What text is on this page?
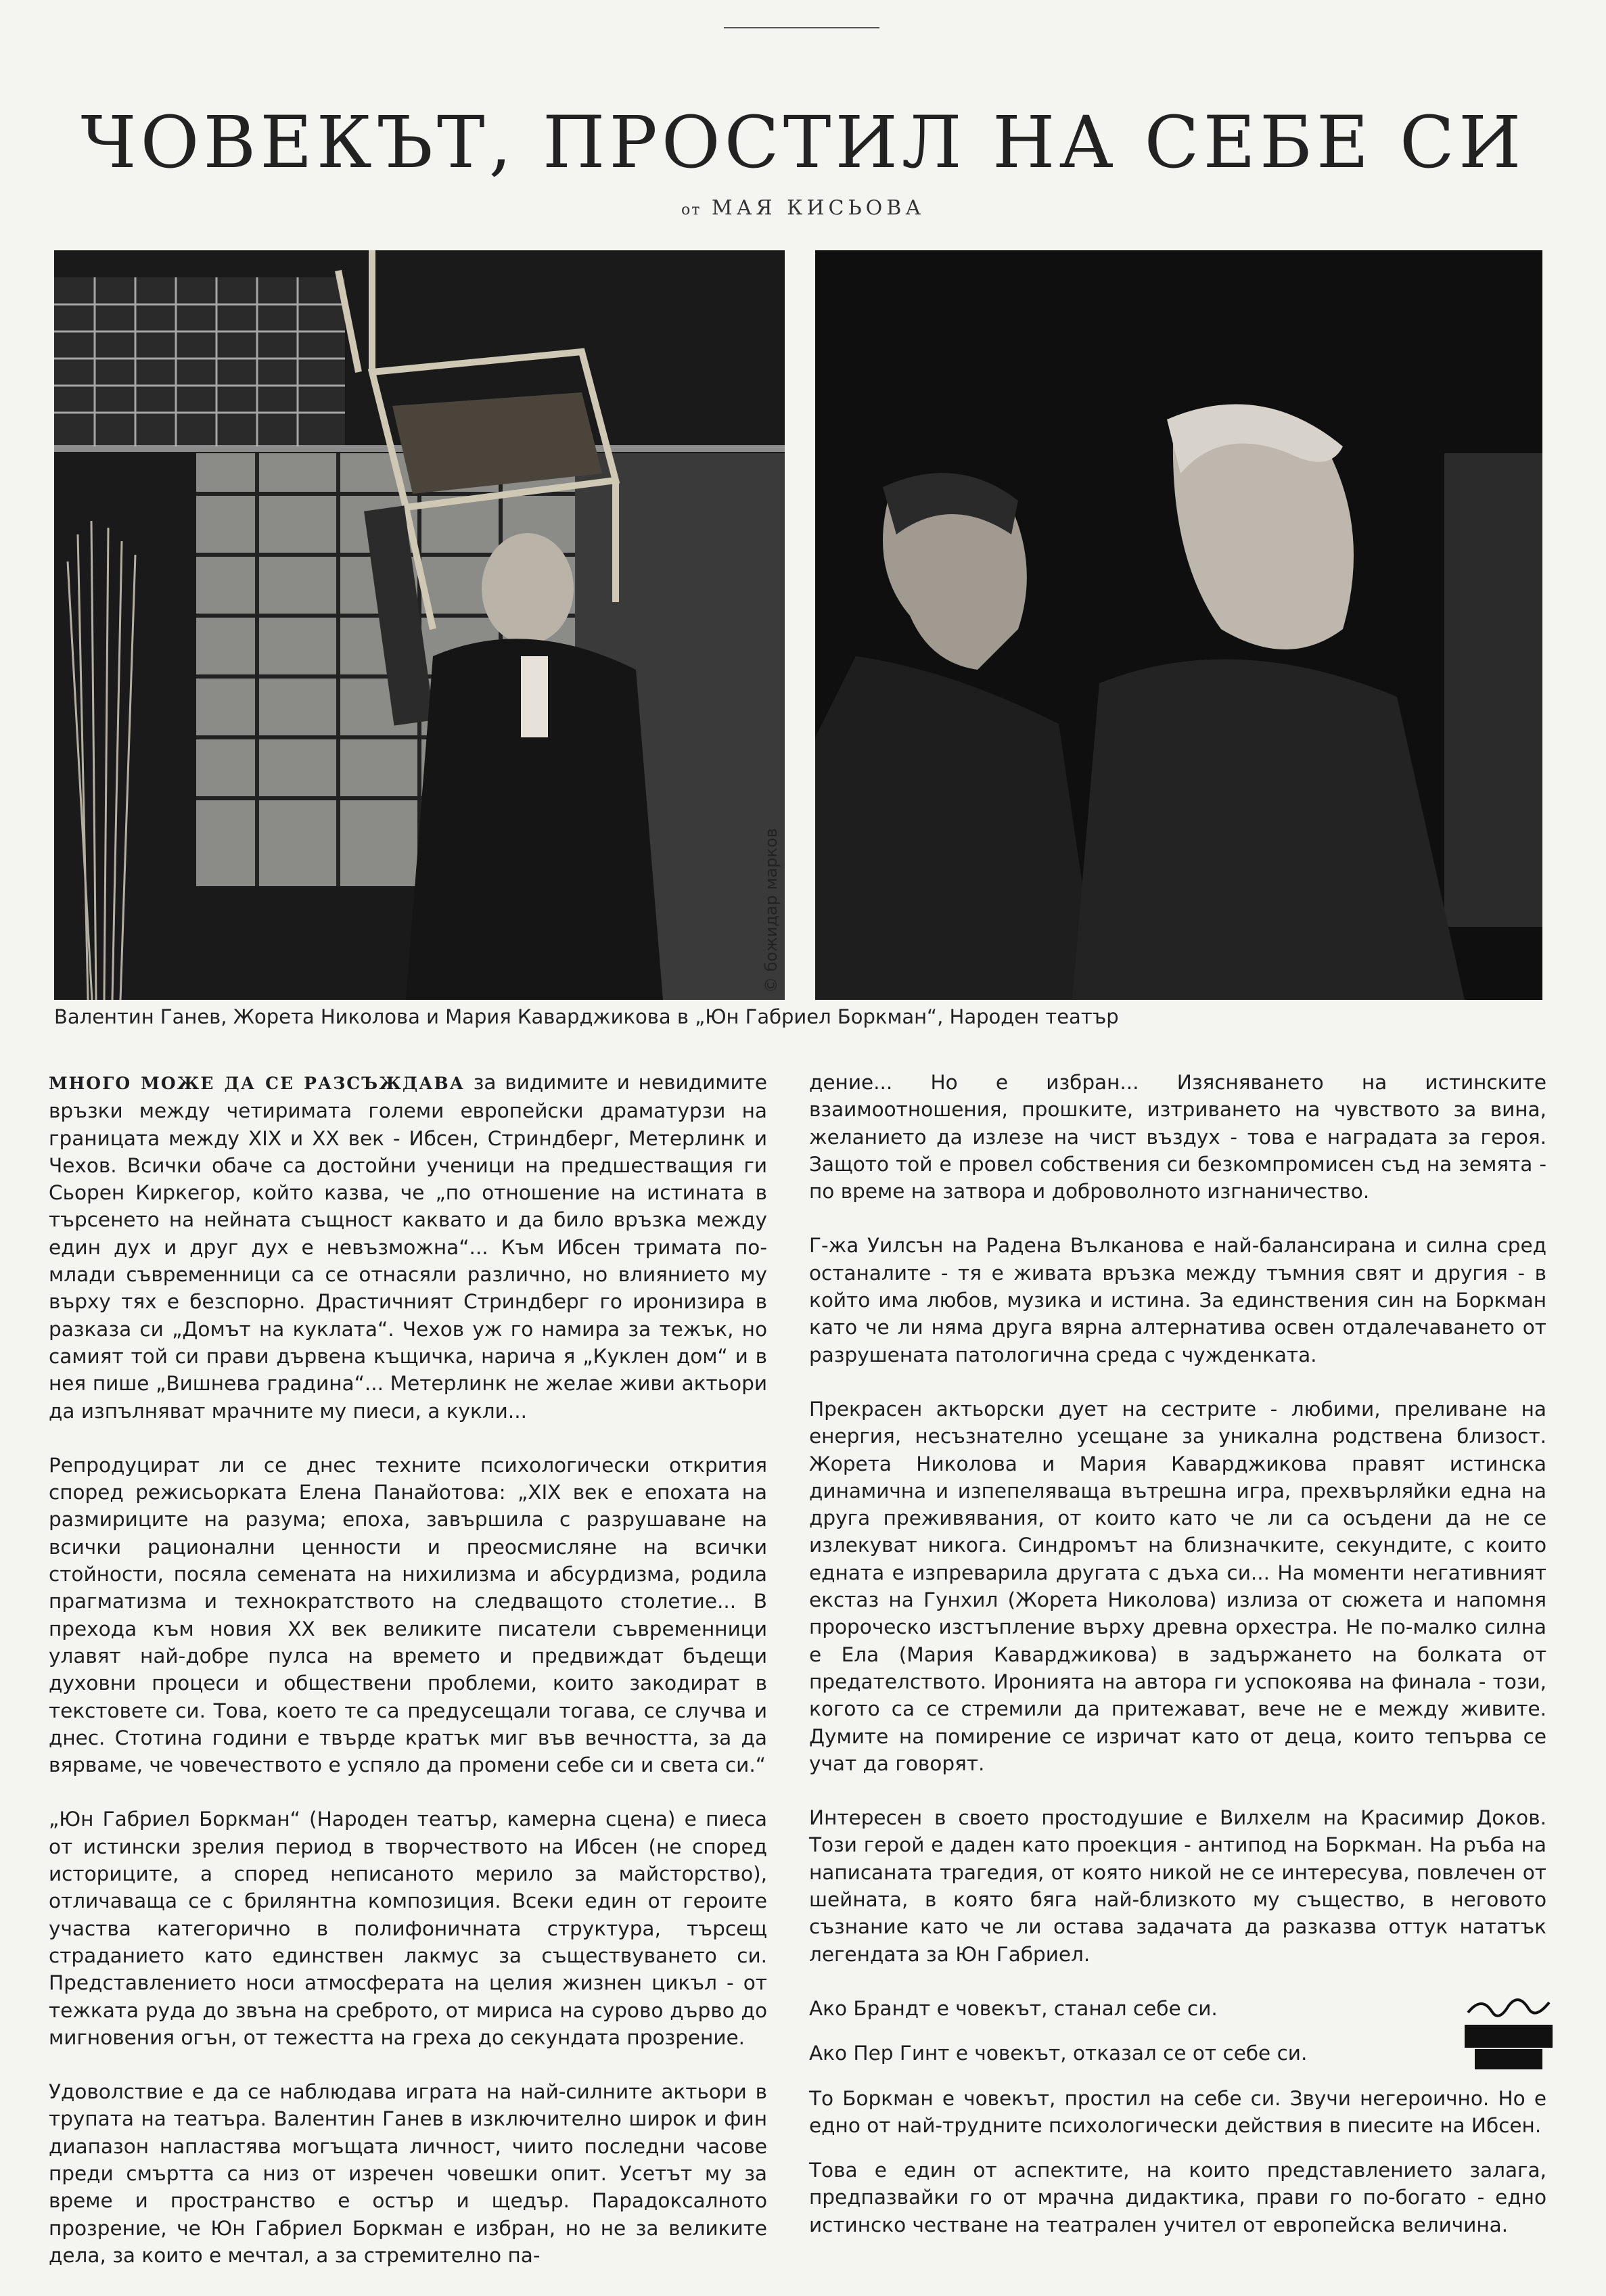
ЧОВЕКЪТ, ПРОСТИЛ НА СЕБЕ СИ
от МАЯ КИСЬОВА
© божидар марков
Валентин Ганев, Жорета Николова и Мария Каварджикова в „Юн Габриел Боркман“, Народен театър

МНОГО МОЖЕ ДА СЕ РАЗСЪЖДАВА за видимите и невидимите връзки между четиримата големи европейски драматурзи на границата между XIX и XX век - Ибсен, Стриндберг, Метерлинк и Чехов. Всички обаче са достойни ученици на предшестващия ги Сьорен Киркегор, който казва, че „по отношение на истината в търсенето на нейната същност каквато и да било връзка между един дух и друг дух е невъзможна“... Към Ибсен тримата по-млади съвременници са се отнасяли различно, но влиянието му върху тях е безспорно. Драстичният Стриндберг го иронизира в разказа си „Домът на куклата“. Чехов уж го намира за тежък, но самият той си прави дървена къщичка, нарича я „Куклен дом“ и в нея пише „Вишнева градина“... Метерлинк не желае живи актьори да изпълняват мрачните му пиеси, а кукли...

Репродуцират ли се днес техните психологически открития според режисьорката Елена Панайотова: „XIX век е епохата на размириците на разума; епоха, завършила с разрушаване на всички рационални ценности и преосмисляне на всички стойности, посяла семената на нихилизма и абсурдизма, родила прагматизма и технократството на следващото столетие... В прехода към новия XX век великите писатели съвременници улавят най-добре пулса на времето и предвиждат бъдещи духовни процеси и обществени проблеми, които закодират в текстовете си. Това, което те са предусещали тогава, се случва и днес. Стотина години е твърде кратък миг във вечността, за да вярваме, че човечеството е успяло да промени себе си и света си.“

„Юн Габриел Боркман“ (Народен театър, камерна сцена) е пиеса от истински зрелия период в творчеството на Ибсен (не според историците, а според неписаното мерило за майсторство), отличаваща се с брилянтна композиция. Всеки един от героите участва категорично в полифоничната структура, търсещ страданието като единствен лакмус за съществуването си. Представлението носи атмосферата на целия жизнен цикъл - от тежката руда до звъна на среброто, от мириса на сурово дърво до мигновения огън, от тежестта на греха до секундата прозрение.

Удоволствие е да се наблюдава играта на най-силните актьори в трупата на театъра. Валентин Ганев в изключително широк и фин диапазон напластява могъщата личност, чиито последни часове преди смъртта са низ от изречен човешки опит. Усетът му за време и пространство е остър и щедър. Парадоксалното прозрение, че Юн Габриел Боркман е избран, но не за великите дела, за които е мечтал, а за стремително па-

дение... Но е избран... Изясняването на истинските взаимоотношения, прошките, изтриването на чувството за вина, желанието да излезе на чист въздух - това е наградата за героя. Защото той е провел собствения си безкомпромисен съд на земята - по време на затвора и доброволното изгнаничество.

Г-жа Уилсън на Радена Вълканова е най-балансирана и силна сред останалите - тя е живата връзка между тъмния свят и другия - в който има любов, музика и истина. За единствения син на Боркман като че ли няма друга вярна алтернатива освен отдалечаването от разрушената патологична среда с чужденката.

Прекрасен актьорски дует на сестрите - любими, преливане на енергия, несъзнателно усещане за уникална родствена близост. Жорета Николова и Мария Каварджикова правят истинска динамична и изпепеляваща вътрешна игра, прехвърляйки една на друга преживявания, от които като че ли са осъдени да не се излекуват никога. Синдромът на близначките, секундите, с които едната е изпреварила другата с дъха си... На моменти негативният екстаз на Гунхил (Жорета Николова) излиза от сюжета и напомня пророческо изстъпление върху древна орхестра. Не по-малко силна е Ела (Мария Каварджикова) в задържането на болката от предателството. Иронията на автора ги успокоява на финала - този, когото са се стремили да притежават, вече не е между живите. Думите на помирение се изричат като от деца, които тепърва се учат да говорят.

Интересен в своето простодушие е Вилхелм на Красимир Доков. Този герой е даден като проекция - антипод на Боркман. На ръба на написаната трагедия, от която никой не се интересува, повлечен от шейната, в която бяга най-близкото му същество, в неговото съзнание като че ли остава задачата да разказва оттук нататък легендата за Юн Габриел.

Ако Брандт е човекът, станал себе си.

Ако Пер Гинт е човекът, отказал се от себе си.

То Боркман е човекът, простил на себе си. Звучи негероично. Но е едно от най-трудните психологически действия в пиесите на Ибсен.

Това е един от аспектите, на които представлението залага, предпазвайки го от мрачна дидактика, прави го по-богато - едно истинско честване на театрален учител от европейска величина.
